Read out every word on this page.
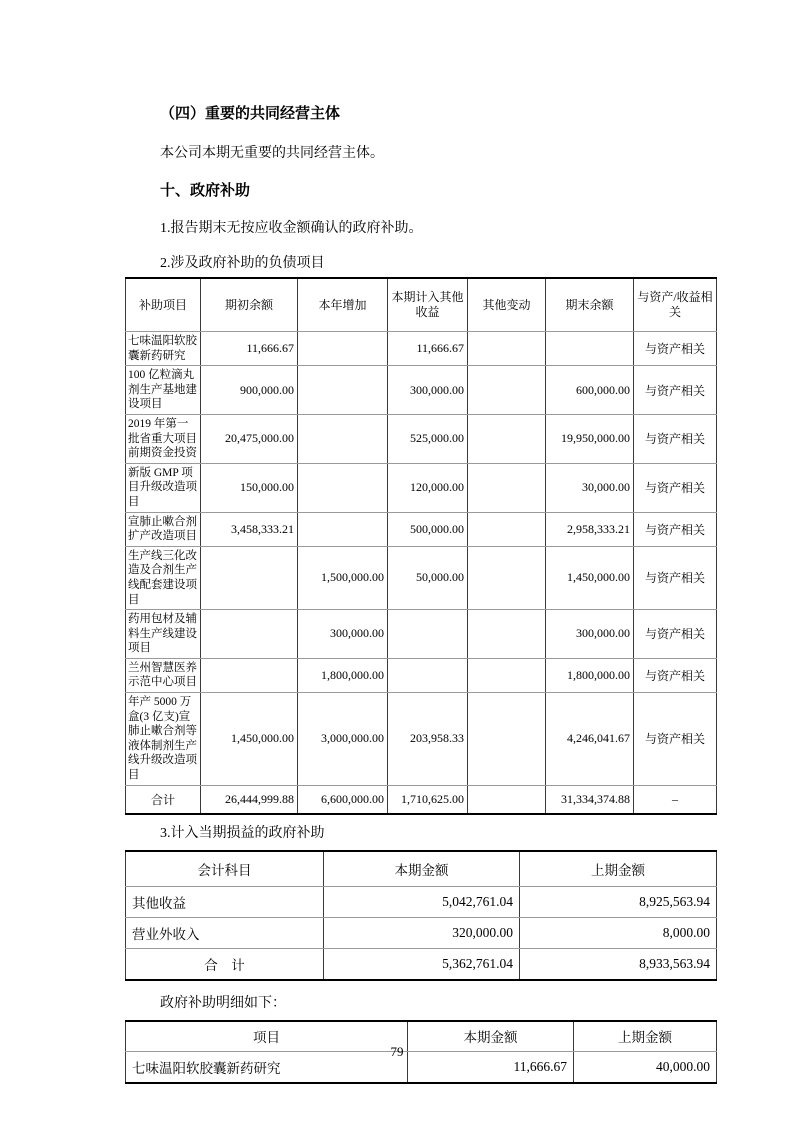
（四）重要的共同经营主体

本公司本期无重要的共同经营主体。

十、政府补助

1.报告期末无按应收金额确认的政府补助。

2.涉及政府补助的负债项目

补助项目	期初余额	本年增加	本期计入其他收益	其他变动	期末余额	与资产/收益相关
七味温阳软胶囊新药研究	11,666.67		11,666.67			与资产相关
100 亿粒滴丸剂生产基地建设项目	900,000.00		300,000.00		600,000.00	与资产相关
2019 年第一批省重大项目前期资金投资	20,475,000.00		525,000.00		19,950,000.00	与资产相关
新版 GMP 项目升级改造项目	150,000.00		120,000.00		30,000.00	与资产相关
宣肺止嗽合剂扩产改造项目	3,458,333.21		500,000.00		2,958,333.21	与资产相关
生产线三化改造及合剂生产线配套建设项目		1,500,000.00	50,000.00		1,450,000.00	与资产相关
药用包材及辅料生产线建设项目		300,000.00			300,000.00	与资产相关
兰州智慧医养示范中心项目		1,800,000.00			1,800,000.00	与资产相关
年产 5000 万盒(3 亿支)宣肺止嗽合剂等液体制剂生产线升级改造项目	1,450,000.00	3,000,000.00	203,958.33		4,246,041.67	与资产相关
合计	26,444,999.88	6,600,000.00	1,710,625.00		31,334,374.88	–

3.计入当期损益的政府补助

会计科目	本期金额	上期金额
其他收益	5,042,761.04	8,925,563.94
营业外收入	320,000.00	8,000.00
合　计	5,362,761.04	8,933,563.94

政府补助明细如下：

项目	本期金额	上期金额
七味温阳软胶囊新药研究	11,666.67	40,000.00
79
